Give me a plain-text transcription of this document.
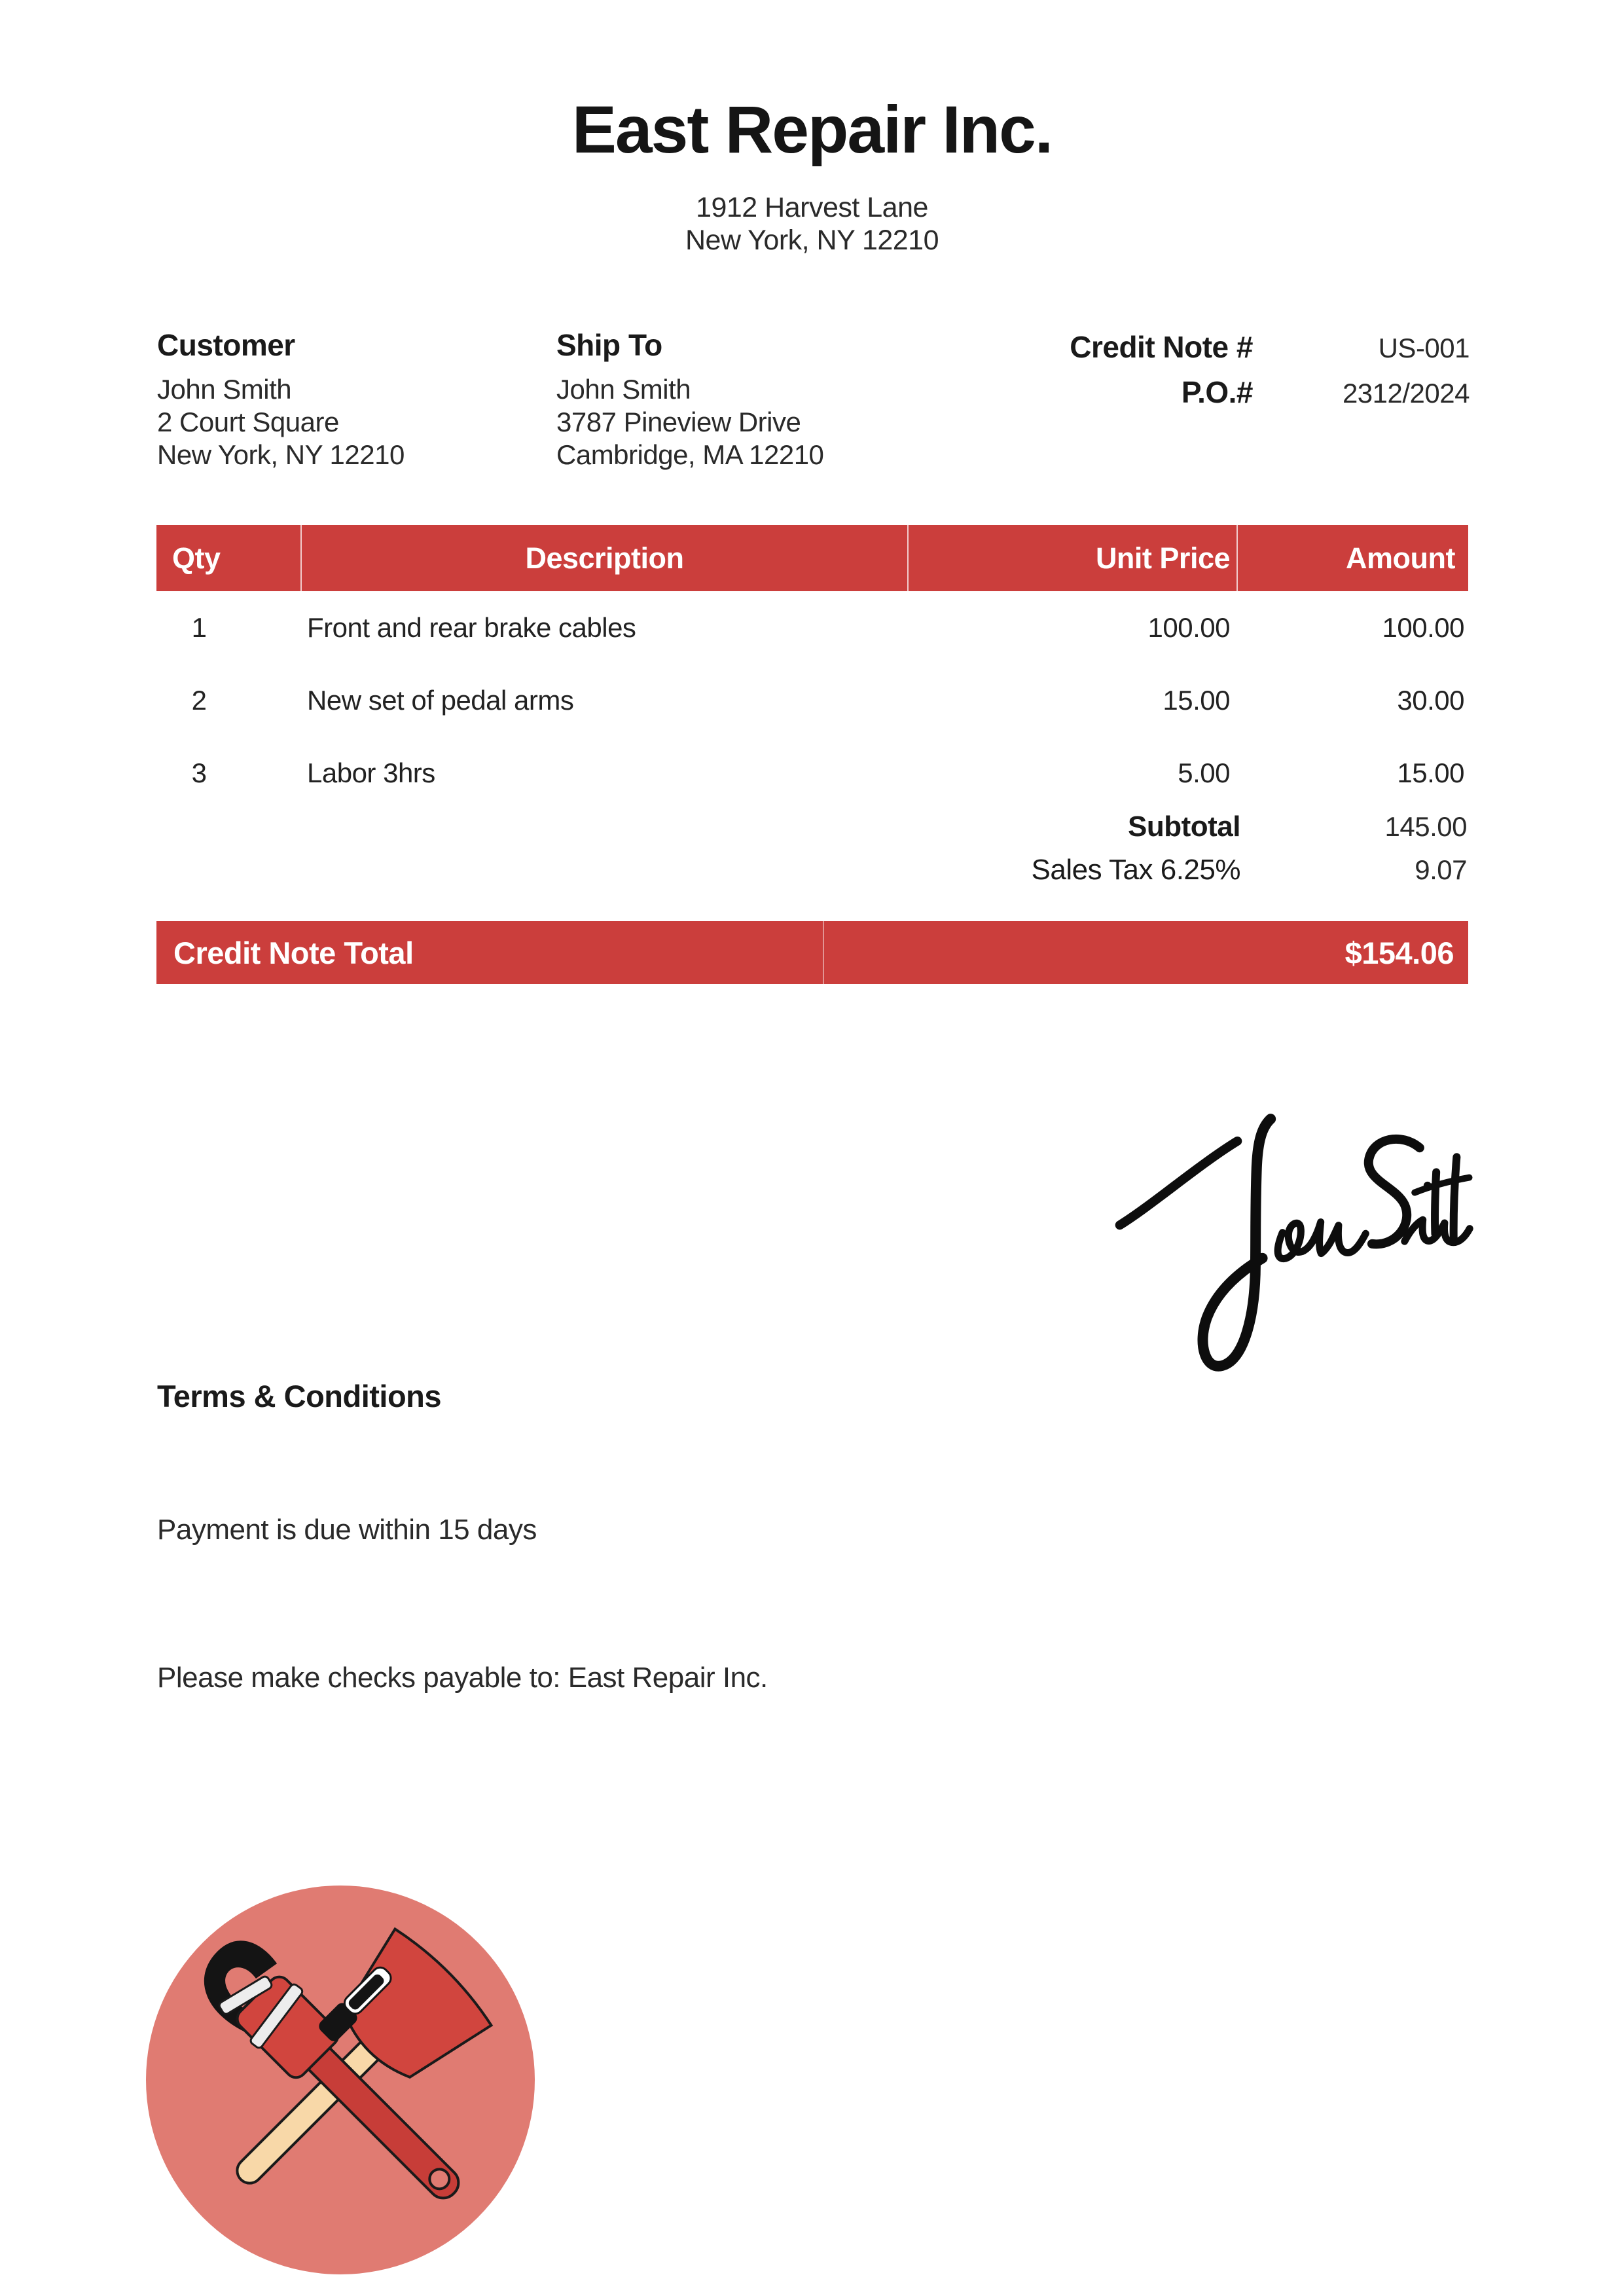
East Repair Inc.
1912 Harvest Lane
New York, NY 12210
Customer
John Smith
2 Court Square
New York, NY 12210
Ship To
John Smith
3787 Pineview Drive
Cambridge, MA 12210
Credit Note #	US-001
P.O.#	2312/2024
Qty	Description	Unit Price	Amount
1	Front and rear brake cables	100.00	100.00
2	New set of pedal arms	15.00	30.00
3	Labor 3hrs	5.00	15.00
Subtotal	145.00
Sales Tax 6.25%	9.07
Credit Note Total	$154.06
Terms & Conditions
Payment is due within 15 days
Please make checks payable to: East Repair Inc.
